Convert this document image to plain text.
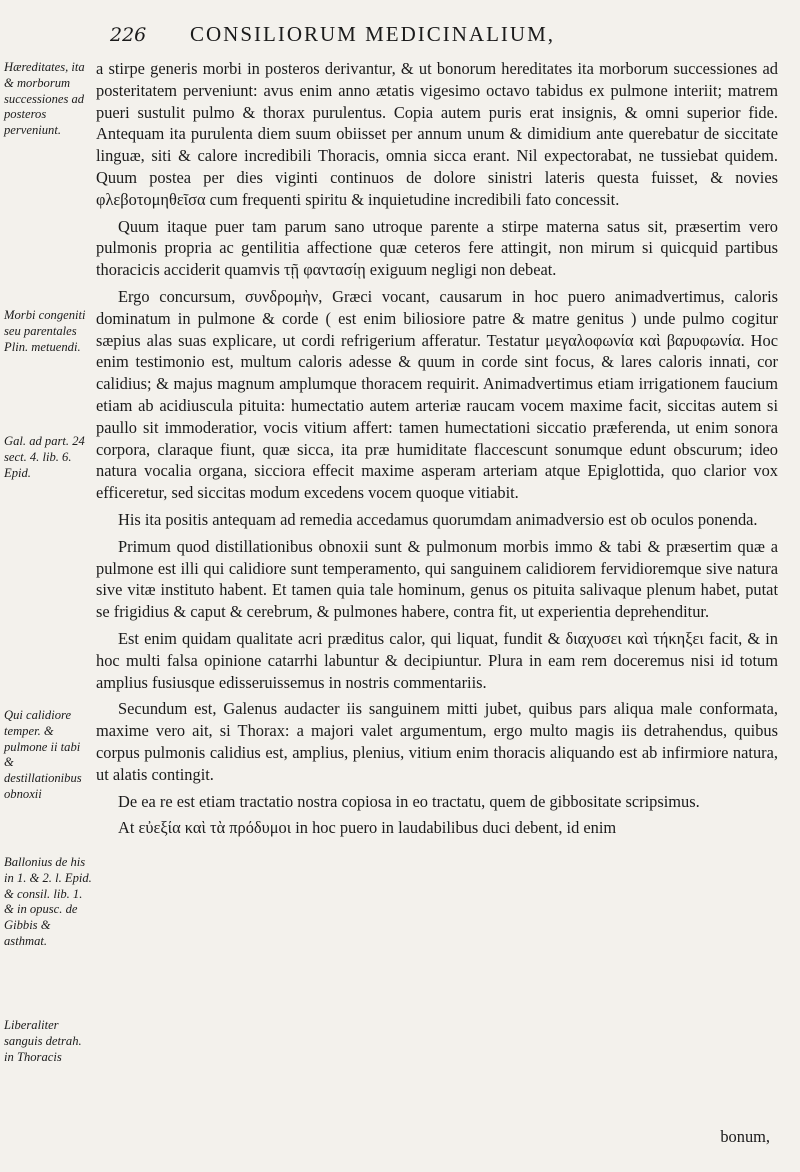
226	CONSILIORUM MEDICINALIUM,
Hæreditates, ita & morborum successiones ad posteros perveniunt.
Morbi congeniti seu parentales Plin. metuendi.
Gal. ad part. 24 sect. 4. lib. 6. Epid.
Qui calidiore temper. & pulmone ii tabi & destillationibus obnoxii
Ballonius de his in 1. & 2. l. Epid. & consil. lib. 1. & in opusc. de Gibbis & asthmat.
Liberaliter sanguis detrah. in Thoracis

a stirpe generis morbi in posteros derivantur, & ut bonorum hereditates ita morborum successiones ad posteritatem perveniunt: avus enim anno ætatis vigesimo octavo tabidus ex pulmone interiit; matrem pueri sustulit pulmo & thorax purulentus. Copia autem puris erat insignis, & omni superior fide. Antequam ita purulenta diem suum obiisset per annum unum & dimidium ante querebatur de siccitate linguæ, siti & calore incredibili Thoracis, omnia sicca erant. Nil expectorabat, ne tussiebat quidem. Quum postea per dies viginti continuos de dolore sinistri lateris questa fuisset, & novies φλεβοτομηθεῖσα cum frequenti spiritu & inquietudine incredibili fato concessit.

Quum itaque puer tam parum sano utroque parente a stirpe materna satus sit, præsertim vero pulmonis propria ac gentilitia affectione quæ ceteros fere attingit, non mirum si quicquid partibus thoracicis acciderit quamvis τῇ φαντασίῃ exiguum negligi non debeat.

Ergo concursum, συνδρομὴν, Græci vocant, causarum in hoc puero animadvertimus, caloris dominatum in pulmone & corde ( est enim biliosiore patre & matre genitus ) unde pulmo cogitur sæpius alas suas explicare, ut cordi refrigerium afferatur. Testatur μεγαλοφωνία καὶ βαρυφωνία. Hoc enim testimonio est, multum caloris adesse & quum in corde sint focus, & lares caloris innati, cor calidius; & majus magnum amplumque thoracem requirit. Animadvertimus etiam irrigationem faucium etiam ab acidiuscula pituita: humectatio autem arteriæ raucam vocem maxime facit, siccitas autem si paullo sit immoderatior, vocis vitium affert: tamen humectationi siccatio præferenda, ut enim sonora corpora, claraque fiunt, quæ sicca, ita præ humiditate flaccescunt sonumque edunt obscurum; ideo natura vocalia organa, sicciora effecit maxime asperam arteriam atque Epiglottida, quo clarior vox efficeretur, sed siccitas modum excedens vocem quoque vitiabit.

His ita positis antequam ad remedia accedamus quorumdam animadversio est ob oculos ponenda.

Primum quod distillationibus obnoxii sunt & pulmonum morbis immo & tabi & præsertim quæ a pulmone est illi qui calidiore sunt temperamento, qui sanguinem calidiorem fervidioremque sive natura sive vitæ instituto habent. Et tamen quia tale hominum, genus os pituita salivaque plenum habet, putat se frigidius & caput & cerebrum, & pulmones habere, contra fit, ut experientia deprehenditur.

Est enim quidam qualitate acri præditus calor, qui liquat, fundit & διαχυσει καὶ τήκηξει facit, & in hoc multi falsa opinione catarrhi labuntur & decipiuntur. Plura in eam rem doceremus nisi id totum amplius fusiusque edisseruissemus in nostris commentariis.

Secundum est, Galenus audacter iis sanguinem mitti jubet, quibus pars aliqua male conformata, maxime vero ait, si Thorax: a majori valet argumentum, ergo multo magis iis detrahendus, quibus corpus pulmonis calidius est, amplius, plenius, vitium enim thoracis aliquando est ab infirmiore natura, ut alatis contingit.

De ea re est etiam tractatio nostra copiosa in eo tractatu, quem de gibbositate scripsimus.

At εὐεξία καὶ τὰ πρόδυμοι in hoc puero in laudabilibus duci debent, id enim

bonum,
